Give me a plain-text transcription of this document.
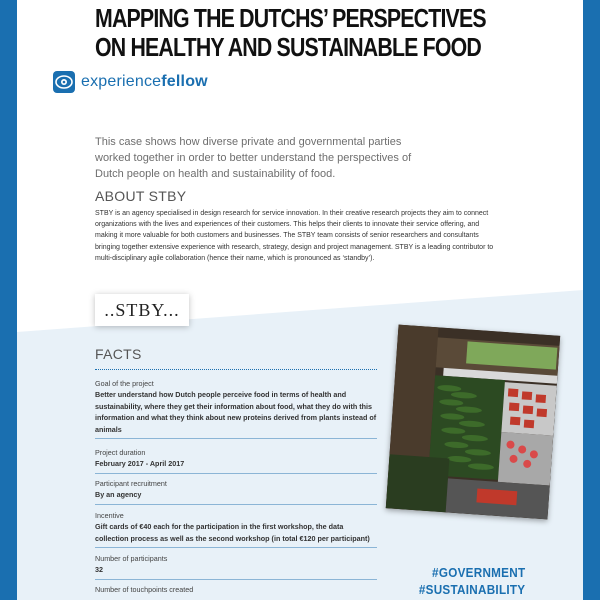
MAPPING THE DUTCHS’ PERSPECTIVES
ON HEALTHY AND SUSTAINABLE FOOD
experiencefellow
This case shows how diverse private and governmental parties worked together in order to better understand the perspectives of Dutch people on health and sustainability of food.
ABOUT STBY
STBY is an agency specialised in design research for service innovation. In their creative research projects they aim to connect organizations with the lives and experiences of their customers. This helps their clients to innovate their service offering, and making it more valuable for both customers and businesses. The STBY team consists of senior researchers and consultants bringing together extensive experience with research, strategy, design and project management. STBY is a leading contributor to multi-disciplinary agile collaboration (hence their name, which is pronounced as ‘standby’).
..STBY...
FACTS
Goal of the project
Better understand how Dutch people perceive food in terms of health and sustainability, where they get their information about food, what they do with this information and what they think about new proteins derived from plants instead of animals
Project duration
February 2017 - April 2017
Participant recruitment
By an agency
Incentive
Gift cards of €40 each for the participation in the first workshop, the data collection process as well as the second workshop (in total €120 per participant)
Number of participants
32
Number of touchpoints created
#GOVERNMENT
#SUSTAINABILITY
